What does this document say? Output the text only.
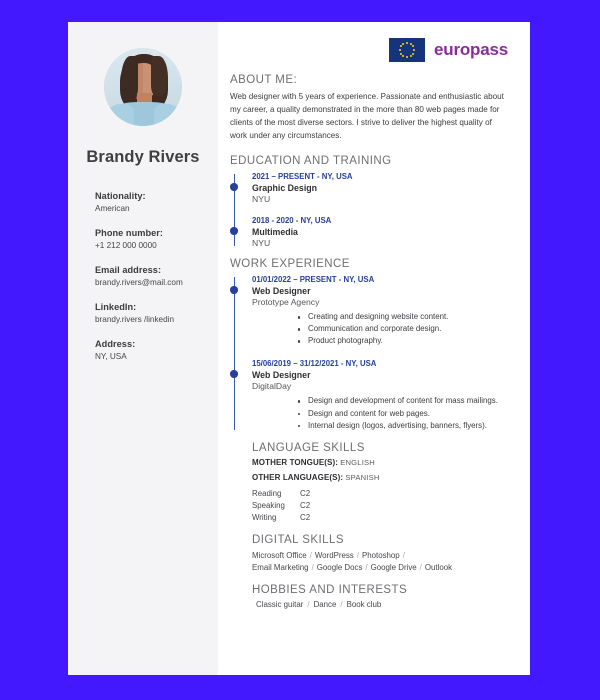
Brandy Rivers
Nationality:
American
Phone number:
+1 212 000 0000
Email address:
brandy.rivers@mail.com
LinkedIn:
brandy.rivers /linkedin
Address:
NY, USA
europass
ABOUT ME:
Web designer with 5 years of experience. Passionate and enthusiastic about my career, a quality demonstrated in the more than 80 web pages made for clients of the most diverse sectors. I strive to deliver the highest quality of work under any circumstances.
EDUCATION AND TRAINING
2021 – PRESENT - NY, USA
Graphic Design
NYU
2018 - 2020 - NY, USA
Multimedia
NYU
WORK EXPERIENCE
01/01/2022 – PRESENT - NY, USA
Web Designer
Prototype Agency
Creating and designing website content.
Communication and corporate design.
Product photography.
15/06/2019 – 31/12/2021 - NY, USA
Web Designer
DigitalDay
Design and development of content for mass mailings.
Design and content for web pages.
Internal design (logos, advertising, banners, flyers).
LANGUAGE SKILLS
MOTHER TONGUE(S): ENGLISH
OTHER LANGUAGE(S): SPANISH
Reading	C2
Speaking	C2
Writing	C2
DIGITAL SKILLS
Microsoft Office / WordPress / Photoshop /
Email Marketing / Google Docs / Google Drive / Outlook
HOBBIES AND INTERESTS
Classic guitar / Dance / Book club
